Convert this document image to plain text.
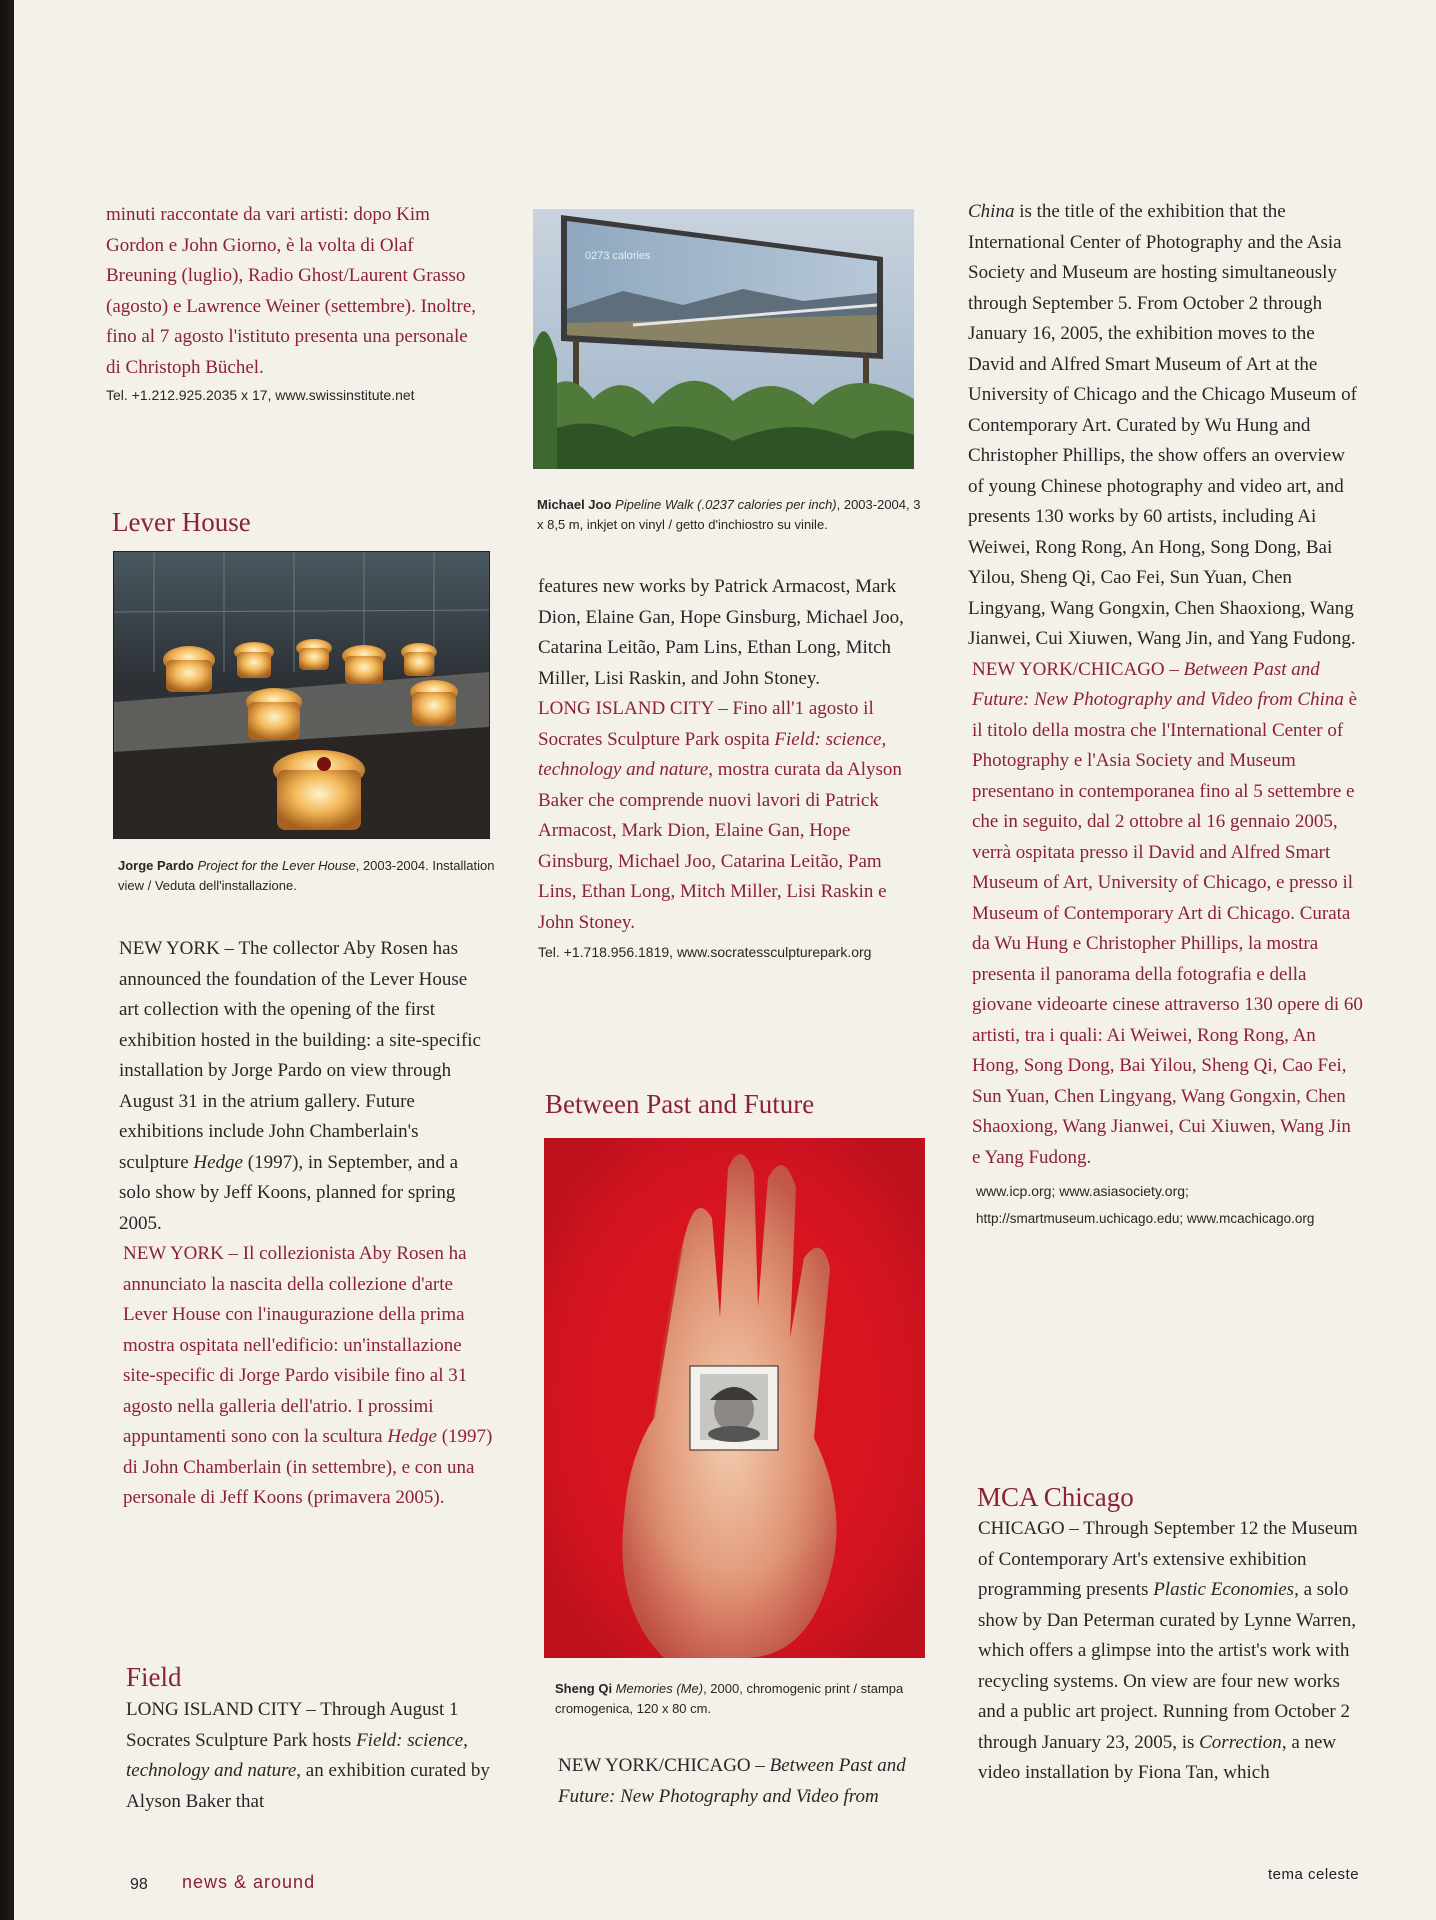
minuti raccontate da vari artisti: dopo Kim Gordon e John Giorno, è la volta di Olaf Breuning (luglio), Radio Ghost/Laurent Grasso (agosto) e Lawrence Weiner (settembre). Inoltre, fino al 7 agosto l'istituto presenta una personale di Christoph Büchel.

Tel. +1.212.925.2035 x 17, www.swissinstitute.net

Lever House

Jorge Pardo Project for the Lever House, 2003-2004. Installation view / Veduta dell'installazione.

NEW YORK – The collector Aby Rosen has announced the foundation of the Lever House art collection with the opening of the first exhibition hosted in the building: a site-specific installation by Jorge Pardo on view through August 31 in the atrium gallery. Future exhibitions include John Chamberlain's sculpture Hedge (1997), in September, and a solo show by Jeff Koons, planned for spring 2005.

NEW YORK – Il collezionista Aby Rosen ha annunciato la nascita della collezione d'arte Lever House con l'inaugurazione della prima mostra ospitata nell'edificio: un'installazione site-specific di Jorge Pardo visibile fino al 31 agosto nella galleria dell'atrio. I prossimi appuntamenti sono con la scultura Hedge (1997) di John Chamberlain (in settembre), e con una personale di Jeff Koons (primavera 2005).

Field

LONG ISLAND CITY – Through August 1 Socrates Sculpture Park hosts Field: science, technology and nature, an exhibition curated by Alyson Baker that

0273 calories

Michael Joo Pipeline Walk (.0237 calories per inch), 2003-2004, 3 x 8,5 m, inkjet on vinyl / getto d'inchiostro su vinile.

features new works by Patrick Armacost, Mark Dion, Elaine Gan, Hope Ginsburg, Michael Joo, Catarina Leitão, Pam Lins, Ethan Long, Mitch Miller, Lisi Raskin, and John Stoney.

LONG ISLAND CITY – Fino all'1 agosto il Socrates Sculpture Park ospita Field: science, technology and nature, mostra curata da Alyson Baker che comprende nuovi lavori di Patrick Armacost, Mark Dion, Elaine Gan, Hope Ginsburg, Michael Joo, Catarina Leitão, Pam Lins, Ethan Long, Mitch Miller, Lisi Raskin e John Stoney.

Tel. +1.718.956.1819, www.socratessculpturepark.org

Between Past and Future

Sheng Qi Memories (Me), 2000, chromogenic print / stampa cromogenica, 120 x 80 cm.

NEW YORK/CHICAGO – Between Past and Future: New Photography and Video from

China is the title of the exhibition that the International Center of Photography and the Asia Society and Museum are hosting simultaneously through September 5. From October 2 through January 16, 2005, the exhibition moves to the David and Alfred Smart Museum of Art at the University of Chicago and the Chicago Museum of Contemporary Art. Curated by Wu Hung and Christopher Phillips, the show offers an overview of young Chinese photography and video art, and presents 130 works by 60 artists, including Ai Weiwei, Rong Rong, An Hong, Song Dong, Bai Yilou, Sheng Qi, Cao Fei, Sun Yuan, Chen Lingyang, Wang Gongxin, Chen Shaoxiong, Wang Jianwei, Cui Xiuwen, Wang Jin, and Yang Fudong.

NEW YORK/CHICAGO – Between Past and Future: New Photography and Video from China è il titolo della mostra che l'International Center of Photography e l'Asia Society and Museum presentano in contemporanea fino al 5 settembre e che in seguito, dal 2 ottobre al 16 gennaio 2005, verrà ospitata presso il David and Alfred Smart Museum of Art, University of Chicago, e presso il Museum of Contemporary Art di Chicago. Curata da Wu Hung e Christopher Phillips, la mostra presenta il panorama della fotografia e della giovane videoarte cinese attraverso 130 opere di 60 artisti, tra i quali: Ai Weiwei, Rong Rong, An Hong, Song Dong, Bai Yilou, Sheng Qi, Cao Fei, Sun Yuan, Chen Lingyang, Wang Gongxin, Chen Shaoxiong, Wang Jianwei, Cui Xiuwen, Wang Jin e Yang Fudong.

www.icp.org; www.asiasociety.org;

http://smartmuseum.uchicago.edu; www.mcachicago.org

MCA Chicago

CHICAGO – Through September 12 the Museum of Contemporary Art's extensive exhibition programming presents Plastic Economies, a solo show by Dan Peterman curated by Lynne Warren, which offers a glimpse into the artist's work with recycling systems. On view are four new works and a public art project. Running from October 2 through January 23, 2005, is Correction, a new video installation by Fiona Tan, which

98 news & around	tema celeste
